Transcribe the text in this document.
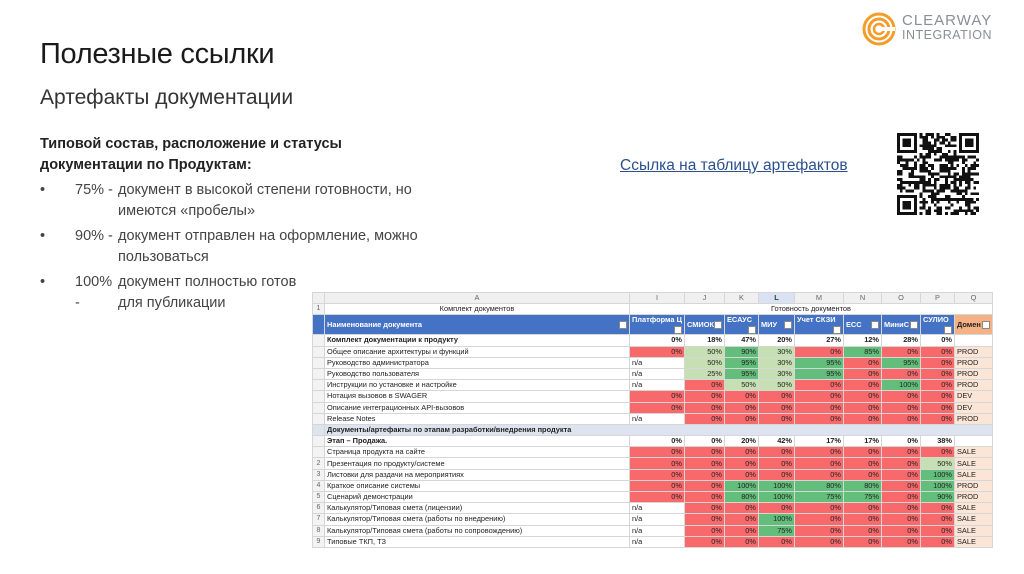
CLEARWAY
INTEGRATION
Полезные ссылки
Артефакты документации
Типовой состав, расположение и статусы документации по Продуктам:
•	75% - документ в высокой степени готовности, но имеются «пробелы»
•	90% - документ отправлен на оформление, можно пользоваться
•	100% -
документ полностью готов для публикации
Ссылка на таблицу артефактов
	A	I	J	K	L	M	N	O	P	Q
1	Комплект документов	Готовность документов								
	Наименование документа	Платформа Ц	СМИОК	ЕСАУС	МИУ	Учет СКЗИ	ЕСС	МиниС	СУЛИО	Домен

	Комплект документации к продукту	0%	18%	47%	20%	27%	12%	28%	0%	
	Общее описание архитектуры и функций	0%	50%	90%	30%	0%	85%	0%	0%	PROD
	Руководство администратора	n/a	50%	95%	30%	95%	0%	95%	0%	PROD
	Руководство пользователя	n/a	25%	95%	30%	95%	0%	0%	0%	PROD
	Инструкции по установке и настройке	n/a	0%	50%	50%	0%	0%	100%	0%	PROD
	Нотация вызовов в SWAGER	0%	0%	0%	0%	0%	0%	0%	0%	DEV
	Описание интеграционных API-вызовов	0%	0%	0%	0%	0%	0%	0%	0%	DEV
	Release Notes	n/a	0%	0%	0%	0%	0%	0%	0%	PROD
	Документы/артефакты по этапам разработки/внедрения продукта									
	Этап – Продажа.	0%	0%	20%	42%	17%	17%	0%	38%	
	Страница продукта на сайте	0%	0%	0%	0%	0%	0%	0%	0%	SALE
2	Презентация по продукту/системе	0%	0%	0%	0%	0%	0%	0%	50%	SALE
3	Листовки для раздачи на мероприятиях	0%	0%	0%	0%	0%	0%	0%	100%	SALE
4	Краткое описание системы	0%	0%	100%	100%	80%	80%	0%	100%	PROD
5	Сценарий демонстрации	0%	0%	80%	100%	75%	75%	0%	90%	PROD
6	Калькулятор/Типовая смета (лицензии)	n/a	0%	0%	0%	0%	0%	0%	0%	SALE
7	Калькулятор/Типовая смета (работы по внедрению)	n/a	0%	0%	100%	0%	0%	0%	0%	SALE
8	Калькулятор/Типовая смета (работы по сопровождению)	n/a	0%	0%	75%	0%	0%	0%	0%	SALE
9	Типовые ТКП, ТЗ	n/a	0%	0%	0%	0%	0%	0%	0%	SALE
